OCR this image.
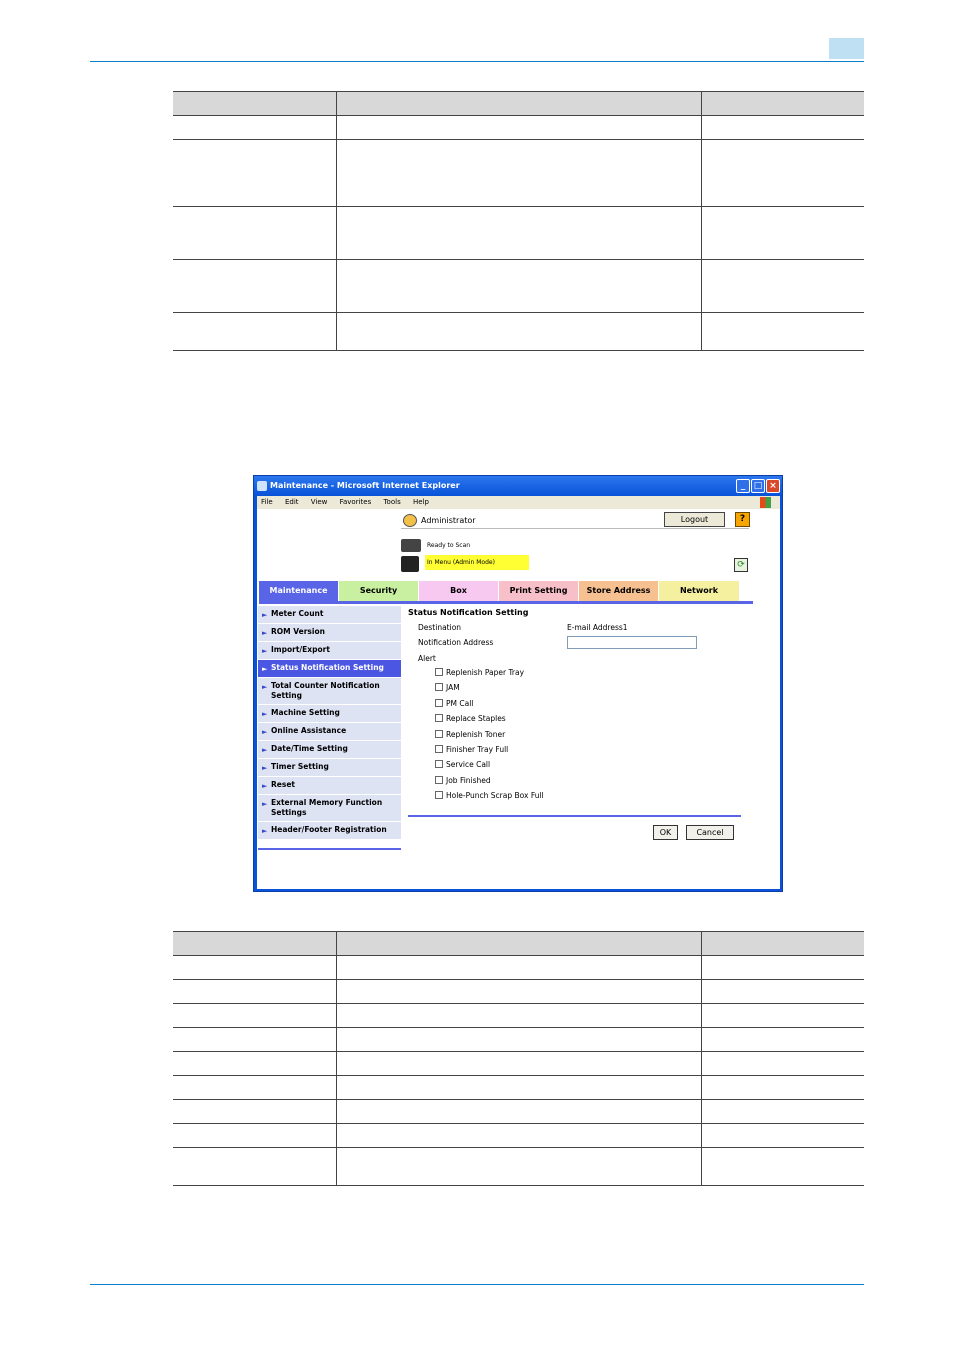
Maintenance - Microsoft Internet Explorer	_ □ ×
File Edit View Favorites Tools Help
Administrator	Logout	?
Ready to Scan
In Menu (Admin Mode)	⟳
Maintenance	Security	Box	Print Setting	Store Address	Network
► Meter Count
► ROM Version
► Import/Export
► Status Notification Setting
► Total Counter Notification Setting
► Machine Setting
► Online Assistance
► Date/Time Setting
► Timer Setting
► Reset
► External Memory Function Settings
► Header/Footer Registration
Status Notification Setting
Destination	E-mail Address1
Notification Address
Alert
Replenish Paper Tray
JAM
PM Call
Replace Staples
Replenish Toner
Finisher Tray Full
Service Call
Job Finished
Hole-Punch Scrap Box Full
OK	Cancel
